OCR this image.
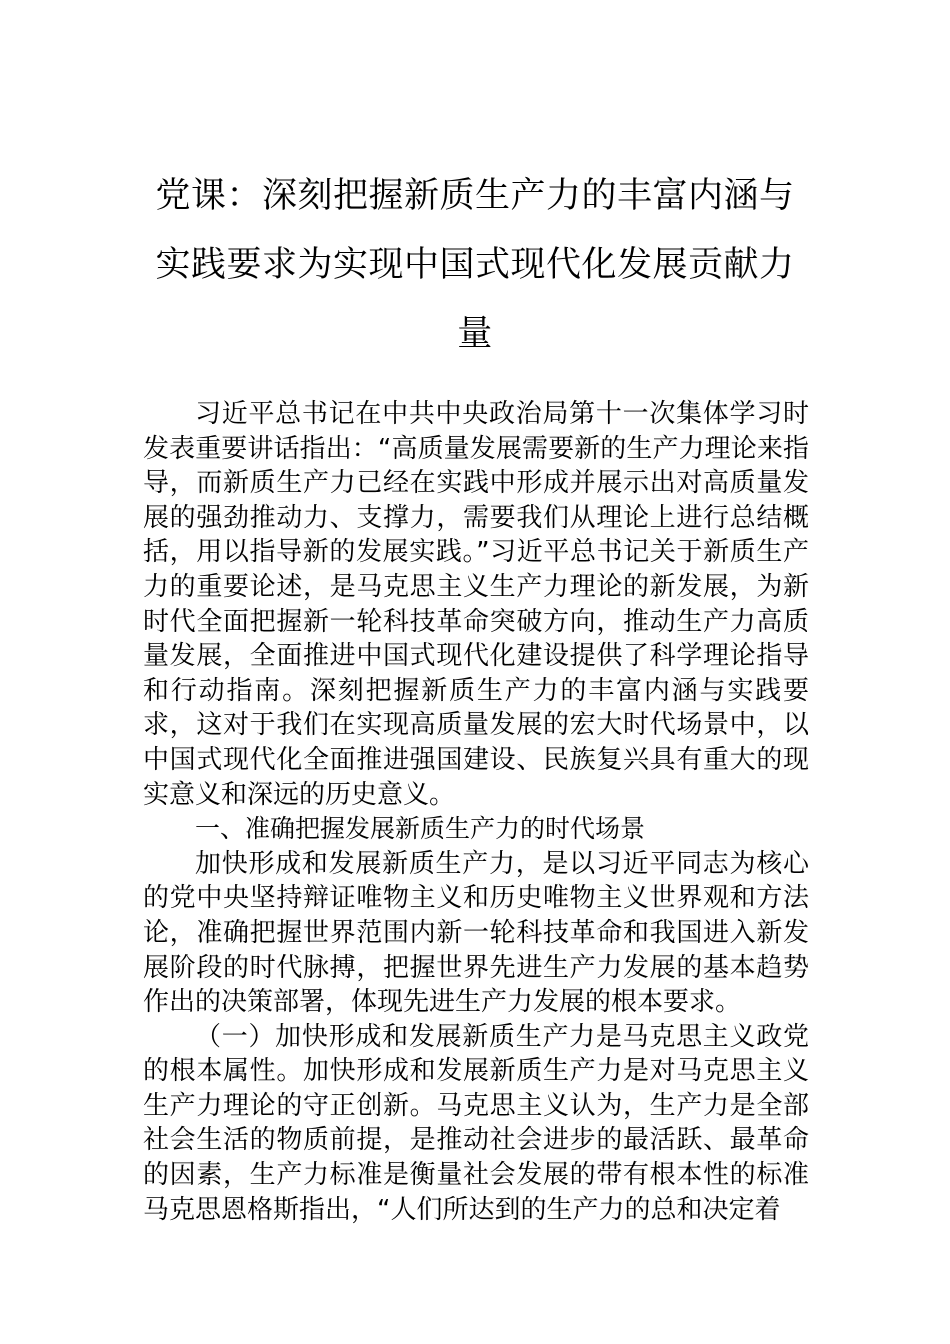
党课：深刻把握新质生产力的丰富内涵与
实践要求为实现中国式现代化发展贡献力
量

习近平总书记在中共中央政治局第十一次集体学习时发表重要讲话指出：“高质量发展需要新的生产力理论来指导，而新质生产力已经在实践中形成并展示出对高质量发展的强劲推动力、支撑力，需要我们从理论上进行总结概括，用以指导新的发展实践。”习近平总书记关于新质生产力的重要论述，是马克思主义生产力理论的新发展，为新时代全面把握新一轮科技革命突破方向，推动生产力高质量发展，全面推进中国式现代化建设提供了科学理论指导和行动指南。深刻把握新质生产力的丰富内涵与实践要求，这对于我们在实现高质量发展的宏大时代场景中，以中国式现代化全面推进强国建设、民族复兴具有重大的现实意义和深远的历史意义。

一、准确把握发展新质生产力的时代场景

加快形成和发展新质生产力，是以习近平同志为核心的党中央坚持辩证唯物主义和历史唯物主义世界观和方法论，准确把握世界范围内新一轮科技革命和我国进入新发展阶段的时代脉搏，把握世界先进生产力发展的基本趋势作出的决策部署，体现先进生产力发展的根本要求。

（一）加快形成和发展新质生产力是马克思主义政党的根本属性。加快形成和发展新质生产力是对马克思主义生产力理论的守正创新。马克思主义认为，生产力是全部社会生活的物质前提，是推动社会进步的最活跃、最革命的因素，生产力标准是衡量社会发展的带有根本性的标准马克思恩格斯指出，“人们所达到的生产力的总和决定着
